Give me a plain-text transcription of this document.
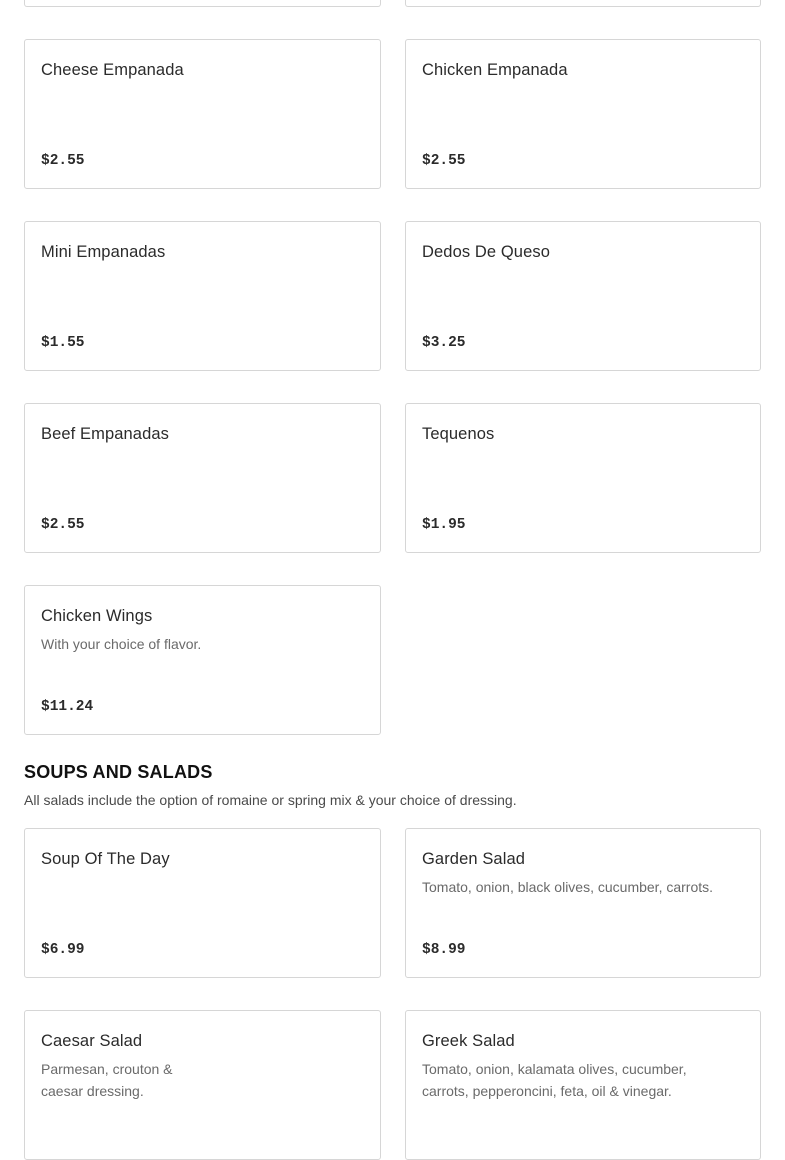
Cheese Empanada
$2.55
Chicken Empanada
$2.55
Mini Empanadas
$1.55
Dedos De Queso
$3.25
Beef Empanadas
$2.55
Tequenos
$1.95
Chicken Wings
With your choice of flavor.
$11.24
SOUPS AND SALADS
All salads include the option of romaine or spring mix & your choice of dressing.
Soup Of The Day
$6.99
Garden Salad
Tomato, onion, black olives, cucumber, carrots.
$8.99
Caesar Salad
Parmesan, crouton &
caesar dressing.
Greek Salad
Tomato, onion, kalamata olives, cucumber,
carrots, pepperoncini, feta, oil & vinegar.
